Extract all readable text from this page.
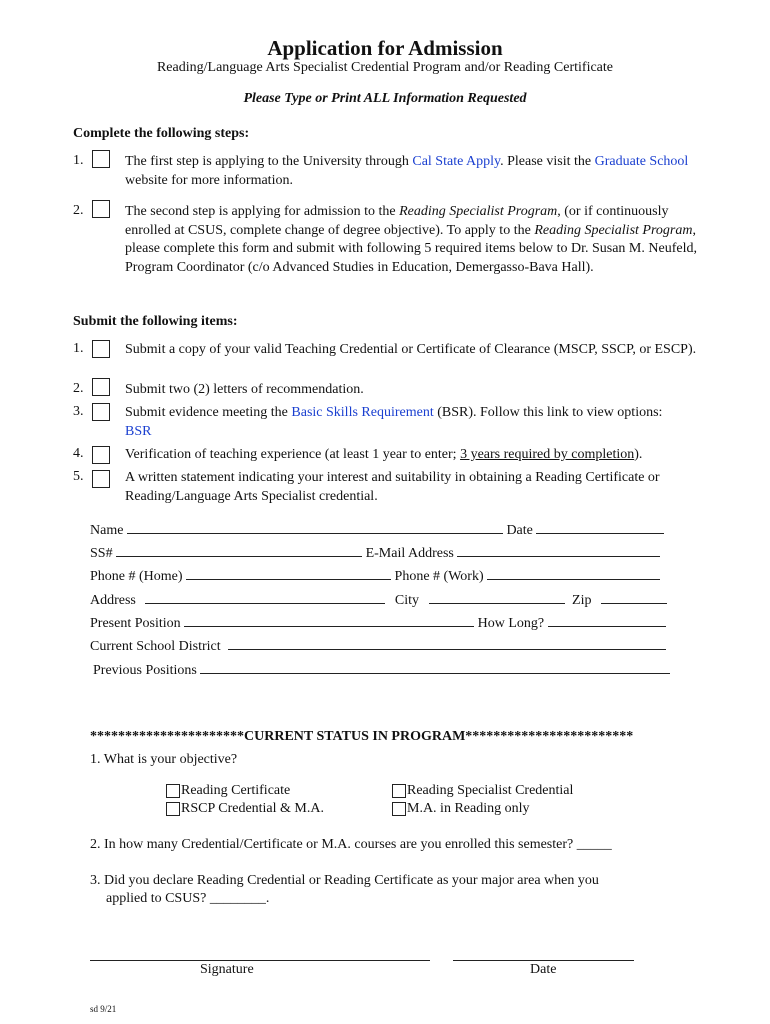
Application for Admission
Reading/Language Arts Specialist Credential Program and/or Reading Certificate
Please Type or Print ALL Information Requested
Complete the following steps:
1.	The first step is applying to the University through Cal State Apply. Please visit the Graduate School website for more information.
2.	The second step is applying for admission to the Reading Specialist Program, (or if continuously enrolled at CSUS, complete change of degree objective). To apply to the Reading Specialist Program, please complete this form and submit with following 5 required items below to Dr. Susan M. Neufeld, Program Coordinator (c/o Advanced Studies in Education, Demergasso-Bava Hall).
Submit the following items:
1.	Submit a copy of your valid Teaching Credential or Certificate of Clearance (MSCP, SSCP, or ESCP).
2.	Submit two (2) letters of recommendation.
3.	Submit evidence meeting the Basic Skills Requirement (BSR). Follow this link to view options: BSR
4.	Verification of teaching experience (at least 1 year to enter; 3 years required by completion).
5.	A written statement indicating your interest and suitability in obtaining a Reading Certificate or Reading/Language Arts Specialist credential.
Name	Date
SS#	E-Mail Address
Phone # (Home)	Phone # (Work)
Address	City	Zip
Present Position	How Long?
Current School District
Previous Positions
**********************CURRENT STATUS IN PROGRAM************************
1. What is your objective?
Reading Certificate	Reading Specialist Credential
RSCP Credential & M.A.	M.A. in Reading only
2. In how many Credential/Certificate or M.A. courses are you enrolled this semester? _____
3. Did you declare Reading Credential or Reading Certificate as your major area when you
applied to CSUS? ________.
Signature	Date
sd 9/21
